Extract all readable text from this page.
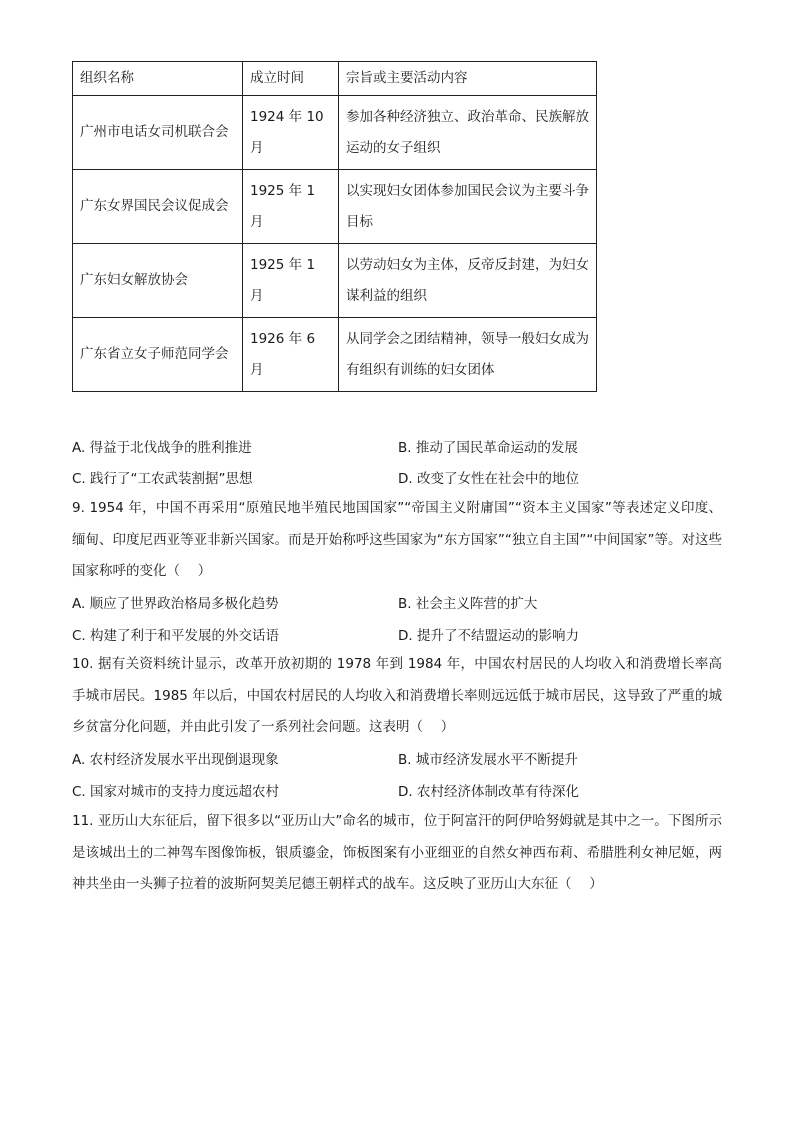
组织名称	成立时间	宗旨或主要活动内容
广州市电话女司机联合会	1924 年 10 月	参加各种经济独立、政治革命、民族解放运动的女子组织
广东女界国民会议促成会	1925 年 1 月	以实现妇女团体参加国民会议为主要斗争目标
广东妇女解放协会	1925 年 1 月	以劳动妇女为主体，反帝反封建，为妇女谋利益的组织
广东省立女子师范同学会	1926 年 6 月	从同学会之团结精神，领导一般妇女成为有组织有训练的妇女团体
A. 得益于北伐战争的胜利推进	B. 推动了国民革命运动的发展
C. 践行了“工农武装割据”思想	D. 改变了女性在社会中的地位
9. 1954 年，中国不再采用“原殖民地半殖民地国国家”“帝国主义附庸国”“资本主义国家”等表述定义印度、缅甸、印度尼西亚等亚非新兴国家。而是开始称呼这些国家为“东方国家”“独立自主国”“中间国家”等。对这些国家称呼的变化（　 ）
A. 顺应了世界政治格局多极化趋势	B. 社会主义阵营的扩大
C. 构建了利于和平发展的外交话语	D. 提升了不结盟运动的影响力
10. 据有关资料统计显示，改革开放初期的 1978 年到 1984 年，中国农村居民的人均收入和消费增长率高手城市居民。1985 年以后，中国农村居民的人均收入和消费增长率则远远低于城市居民，这导致了严重的城乡贫富分化问题，并由此引发了一系列社会问题。这表明（　 ）
A. 农村经济发展水平出现倒退现象	B. 城市经济发展水平不断提升
C. 国家对城市的支持力度远超农村	D. 农村经济体制改革有待深化
11. 亚历山大东征后，留下很多以“亚历山大”命名的城市，位于阿富汗的阿伊哈努姆就是其中之一。下图所示是该城出土的二神驾车图像饰板，银质鎏金，饰板图案有小亚细亚的自然女神西布莉、希腊胜利女神尼姬，两神共坐由一头狮子拉着的波斯阿契美尼德王朝样式的战车。这反映了亚历山大东征（　 ）
